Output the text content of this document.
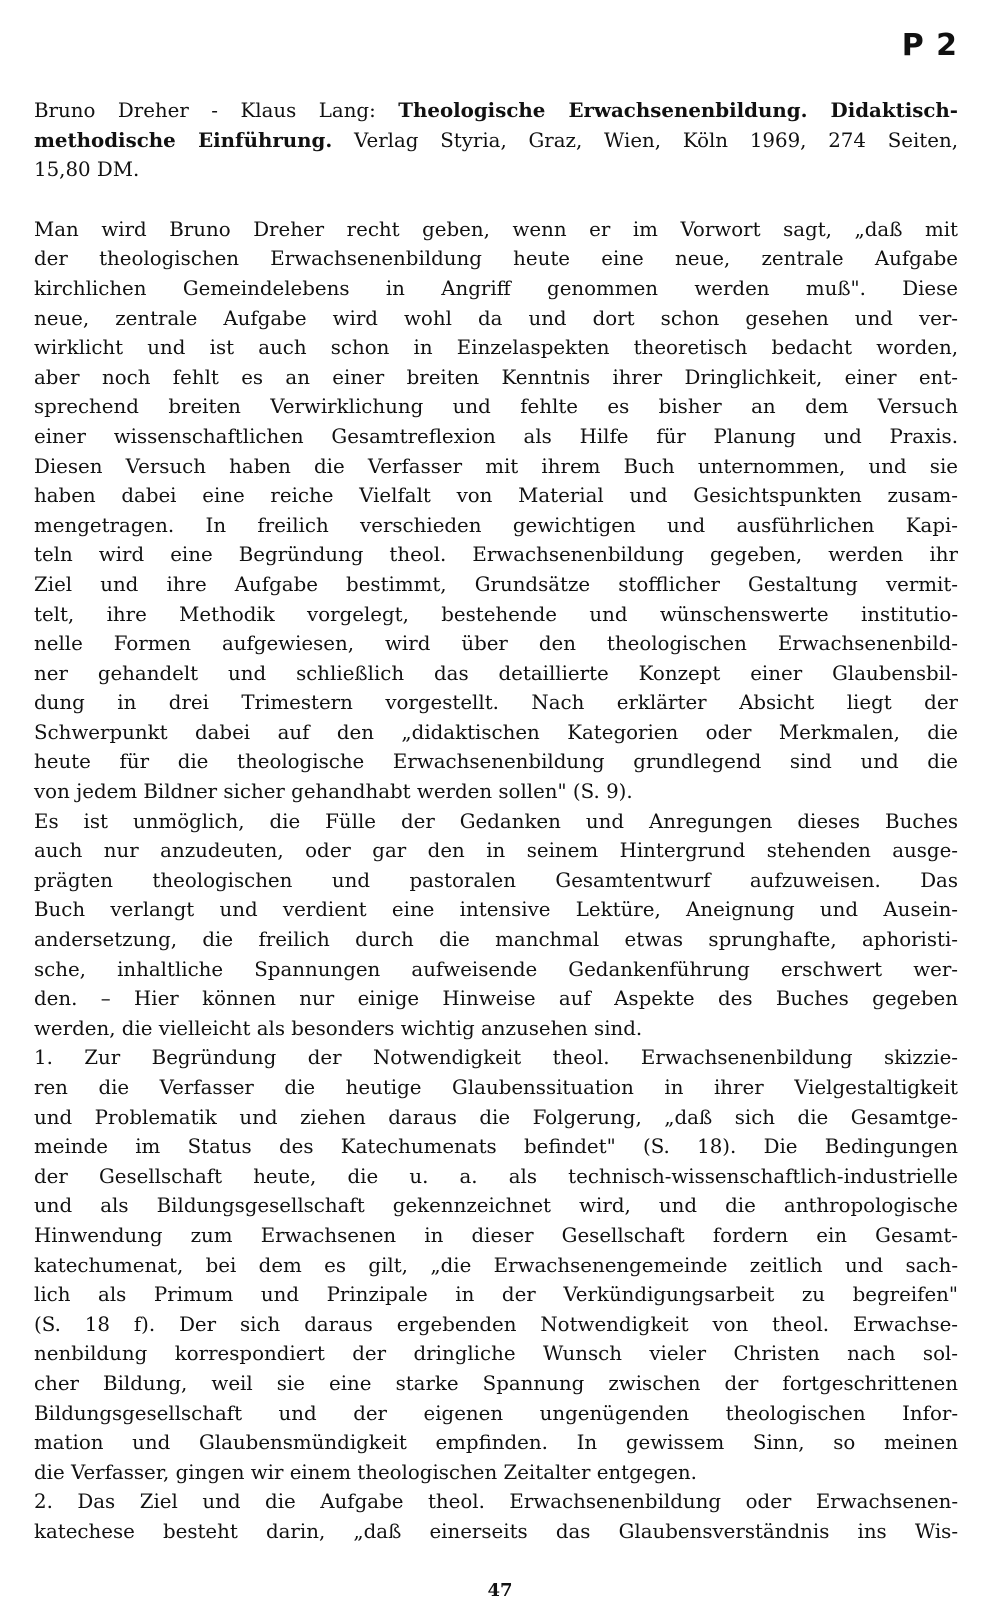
P 2
Bruno Dreher - Klaus Lang: Theologische Erwachsenenbildung. Didaktisch-
methodische Einführung. Verlag Styria, Graz, Wien, Köln 1969, 274 Seiten,
15,80 DM.
Man wird Bruno Dreher recht geben, wenn er im Vorwort sagt, „daß mit
der theologischen Erwachsenenbildung heute eine neue, zentrale Aufgabe
kirchlichen Gemeindelebens in Angriff genommen werden muß". Diese
neue, zentrale Aufgabe wird wohl da und dort schon gesehen und ver-
wirklicht und ist auch schon in Einzelaspekten theoretisch bedacht worden,
aber noch fehlt es an einer breiten Kenntnis ihrer Dringlichkeit, einer ent-
sprechend breiten Verwirklichung und fehlte es bisher an dem Versuch
einer wissenschaftlichen Gesamtreflexion als Hilfe für Planung und Praxis.
Diesen Versuch haben die Verfasser mit ihrem Buch unternommen, und sie
haben dabei eine reiche Vielfalt von Material und Gesichtspunkten zusam-
mengetragen. In freilich verschieden gewichtigen und ausführlichen Kapi-
teln wird eine Begründung theol. Erwachsenenbildung gegeben, werden ihr
Ziel und ihre Aufgabe bestimmt, Grundsätze stofflicher Gestaltung vermit-
telt, ihre Methodik vorgelegt, bestehende und wünschenswerte institutio-
nelle Formen aufgewiesen, wird über den theologischen Erwachsenenbild-
ner gehandelt und schließlich das detaillierte Konzept einer Glaubensbil-
dung in drei Trimestern vorgestellt. Nach erklärter Absicht liegt der
Schwerpunkt dabei auf den „didaktischen Kategorien oder Merkmalen, die
heute für die theologische Erwachsenenbildung grundlegend sind und die
von jedem Bildner sicher gehandhabt werden sollen" (S. 9).
Es ist unmöglich, die Fülle der Gedanken und Anregungen dieses Buches
auch nur anzudeuten, oder gar den in seinem Hintergrund stehenden ausge-
prägten theologischen und pastoralen Gesamtentwurf aufzuweisen. Das
Buch verlangt und verdient eine intensive Lektüre, Aneignung und Ausein-
andersetzung, die freilich durch die manchmal etwas sprunghafte, aphoristi-
sche, inhaltliche Spannungen aufweisende Gedankenführung erschwert wer-
den. – Hier können nur einige Hinweise auf Aspekte des Buches gegeben
werden, die vielleicht als besonders wichtig anzusehen sind.
1. Zur Begründung der Notwendigkeit theol. Erwachsenenbildung skizzie-
ren die Verfasser die heutige Glaubenssituation in ihrer Vielgestaltigkeit
und Problematik und ziehen daraus die Folgerung, „daß sich die Gesamtge-
meinde im Status des Katechumenats befindet" (S. 18). Die Bedingungen
der Gesellschaft heute, die u. a. als technisch-wissenschaftlich-industrielle
und als Bildungsgesellschaft gekennzeichnet wird, und die anthropologische
Hinwendung zum Erwachsenen in dieser Gesellschaft fordern ein Gesamt-
katechumenat, bei dem es gilt, „die Erwachsenengemeinde zeitlich und sach-
lich als Primum und Prinzipale in der Verkündigungsarbeit zu begreifen"
(S. 18 f). Der sich daraus ergebenden Notwendigkeit von theol. Erwachse-
nenbildung korrespondiert der dringliche Wunsch vieler Christen nach sol-
cher Bildung, weil sie eine starke Spannung zwischen der fortgeschrittenen
Bildungsgesellschaft und der eigenen ungenügenden theologischen Infor-
mation und Glaubensmündigkeit empfinden. In gewissem Sinn, so meinen
die Verfasser, gingen wir einem theologischen Zeitalter entgegen.
2. Das Ziel und die Aufgabe theol. Erwachsenenbildung oder Erwachsenen-
katechese besteht darin, „daß einerseits das Glaubensverständnis ins Wis-
47
